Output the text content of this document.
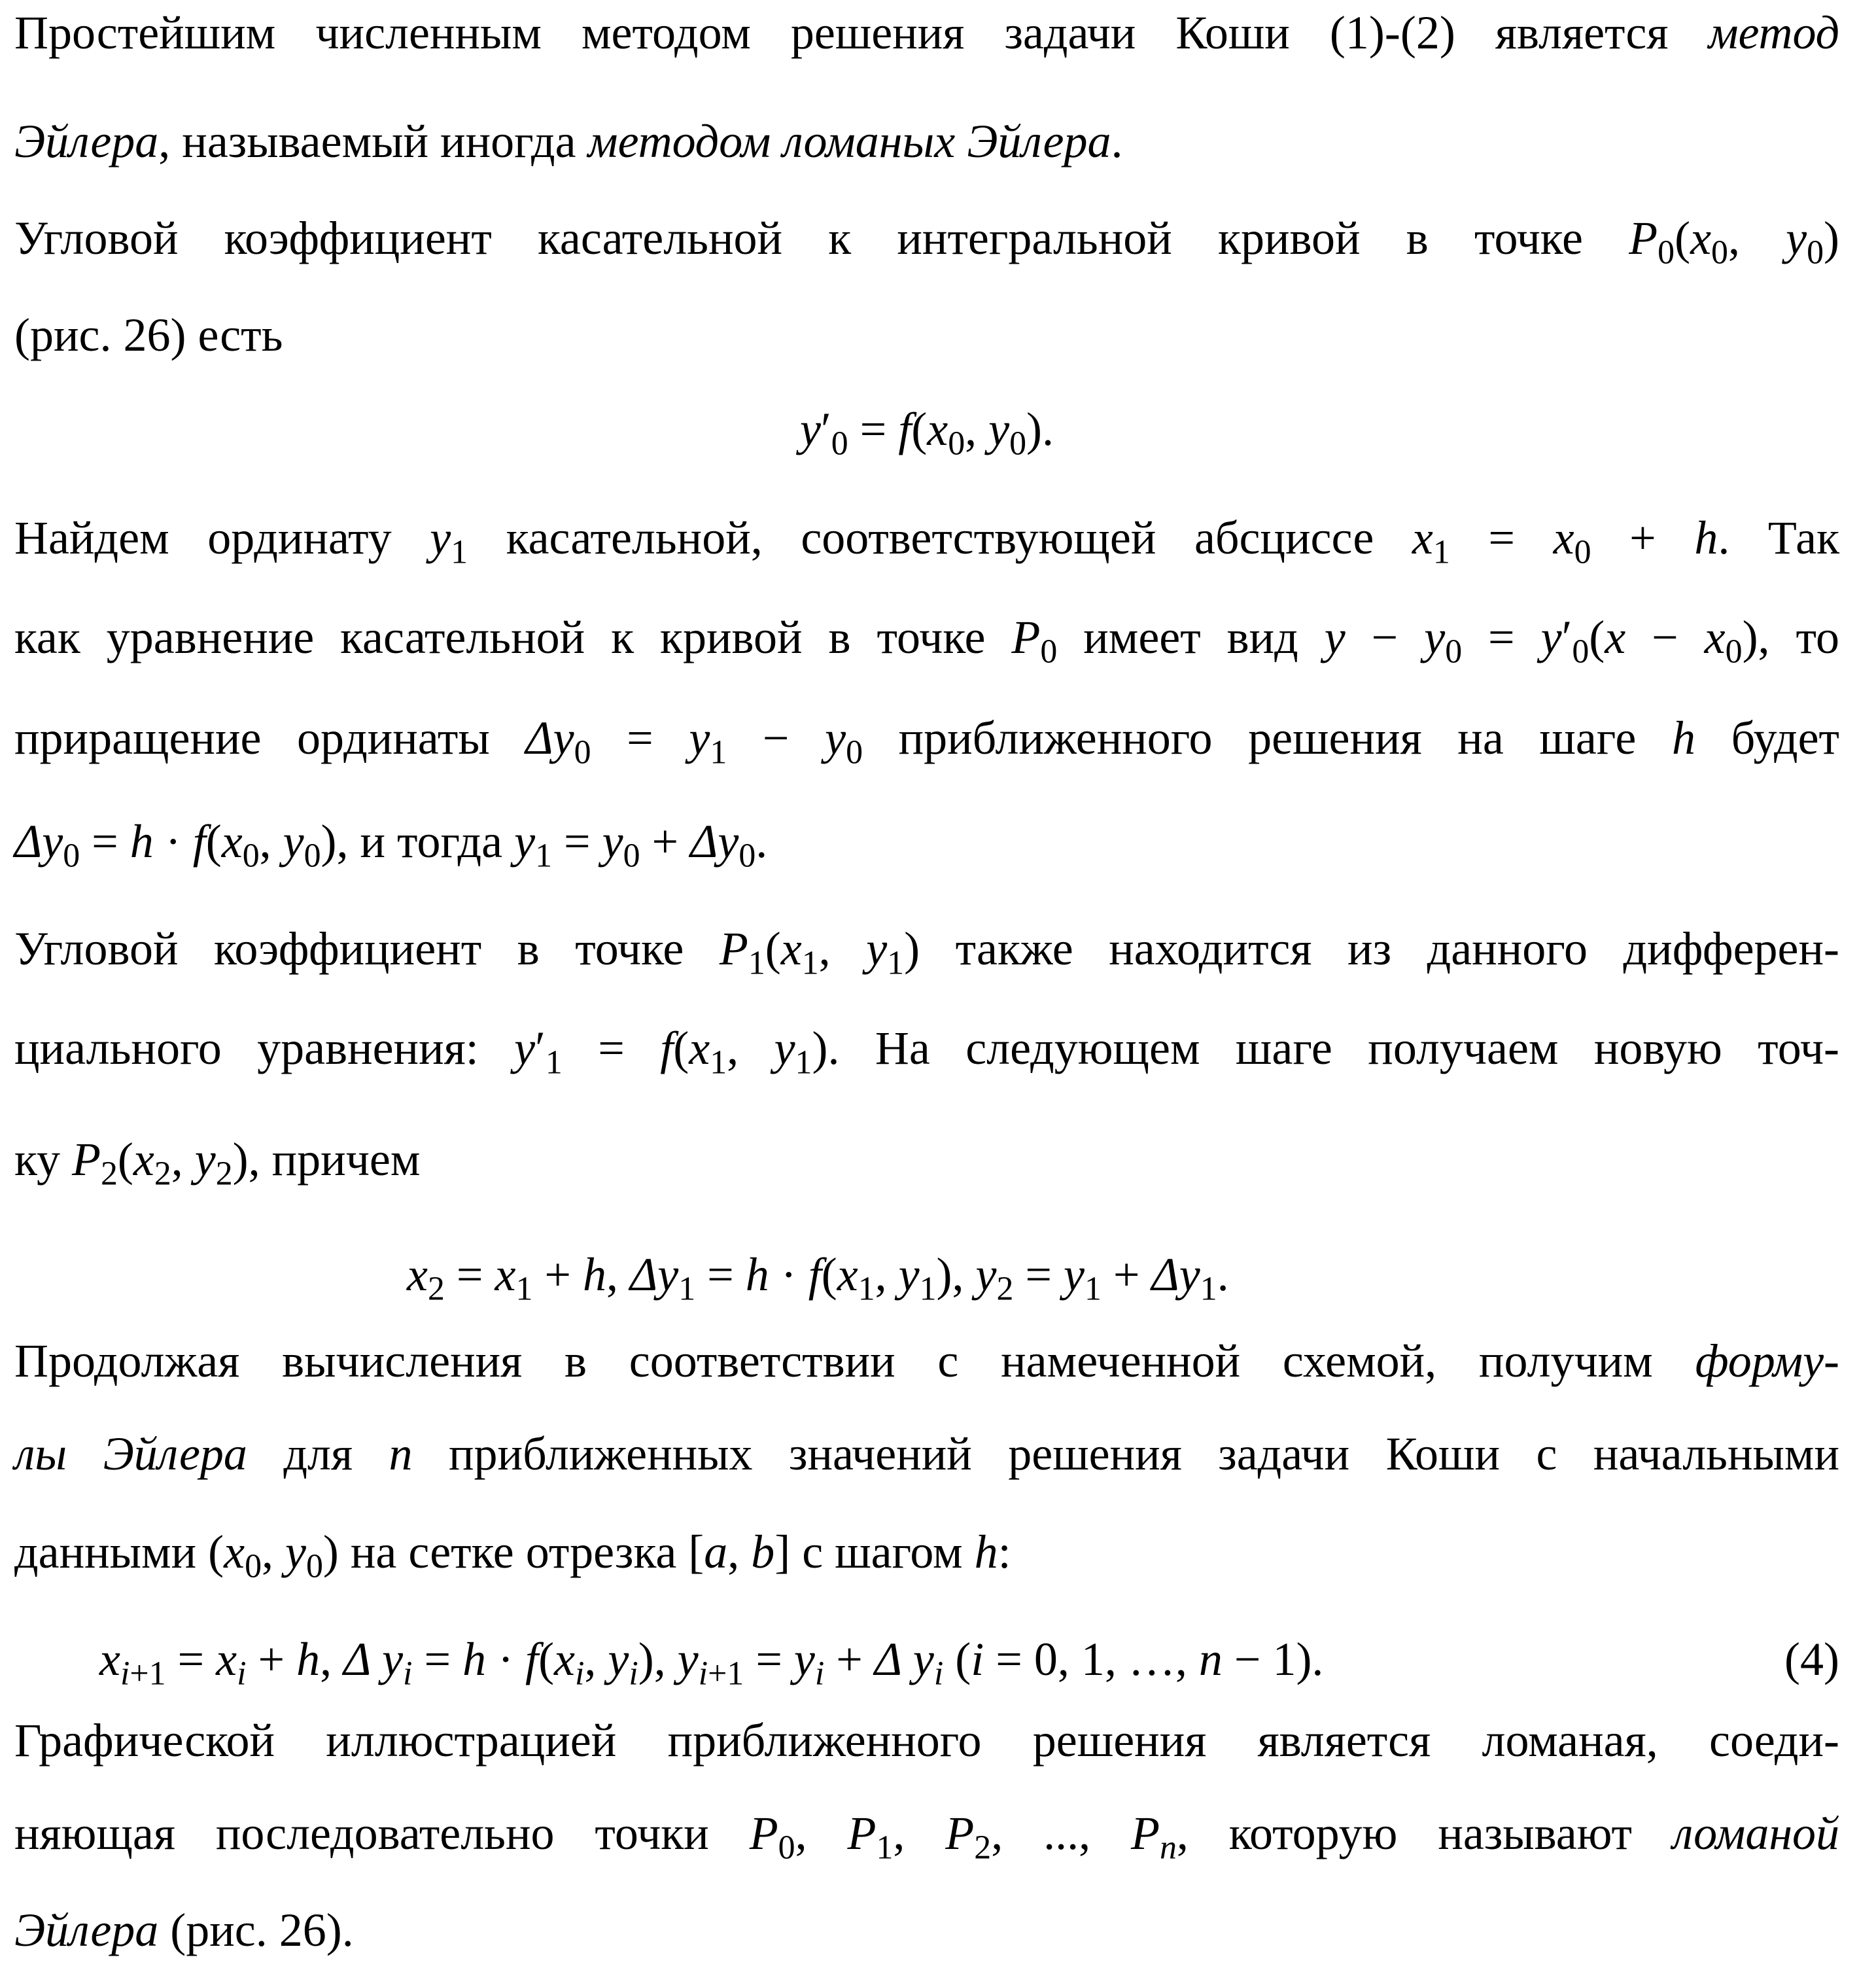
Простейшим численным методом решения задачи Коши (1)-(2) является метод
Эйлера, называемый иногда методом ломаных Эйлера.
Угловой коэффициент касательной к интегральной кривой в точке $P_0(x_0$, $y_0$)
(рис. 26) есть
$y'_0 = f(x_0$, $y_0$).
Найдем ординату $y_1$ касательной, соответствующей абсциссе $x_1 = x_0 + h$. Так
как уравнение касательной к кривой в точке $P_0$ имеет вид $y - y_0 = y'_0(x - x_0)$, то
приращение ординаты $\Delta y_0 = y_1 - y_0$ приближенного решения на шаге h будет
$\Delta y_0 = h \cdot f(x_0$, $y_0$), и тогда $y_1 = y_0 + \Delta y_0$.
Угловой коэффициент в точке $P_1(x_1$, $y_1$) также находится из данного дифферен-
циального уравнения: $y'_1 = f(x_1$, $y_1$). На следующем шаге получаем новую точ-
ку $P_2(x_2$, $y_2$), причем
$x_2 = x_1 + h$, $\Delta y_1 = h \cdot f(x_1$, $y_1$), $y_2 = y_1 + \Delta y_1$.
Продолжая вычисления в соответствии с намеченной схемой, получим форму-
лы Эйлера для n приближенных значений решения задачи Коши с начальными
данными ($x_0$, $y_0$) на сетке отрезка [a, b] с шагом h:
$x_{i+1} = x_i + h$, Δ $y_i = h \cdot f(x_i$, $y_i$), $y_{i+1} = y_i + \Delta$ $y_i$ (i = 0, 1, …, n − 1).	(4)
Графической иллюстрацией приближенного решения является ломаная, соеди-
няющая последовательно точки $P_0$, $P_1$, $P_2$, ..., $P_n$, которую называют ломаной
Эйлера (рис. 26).
